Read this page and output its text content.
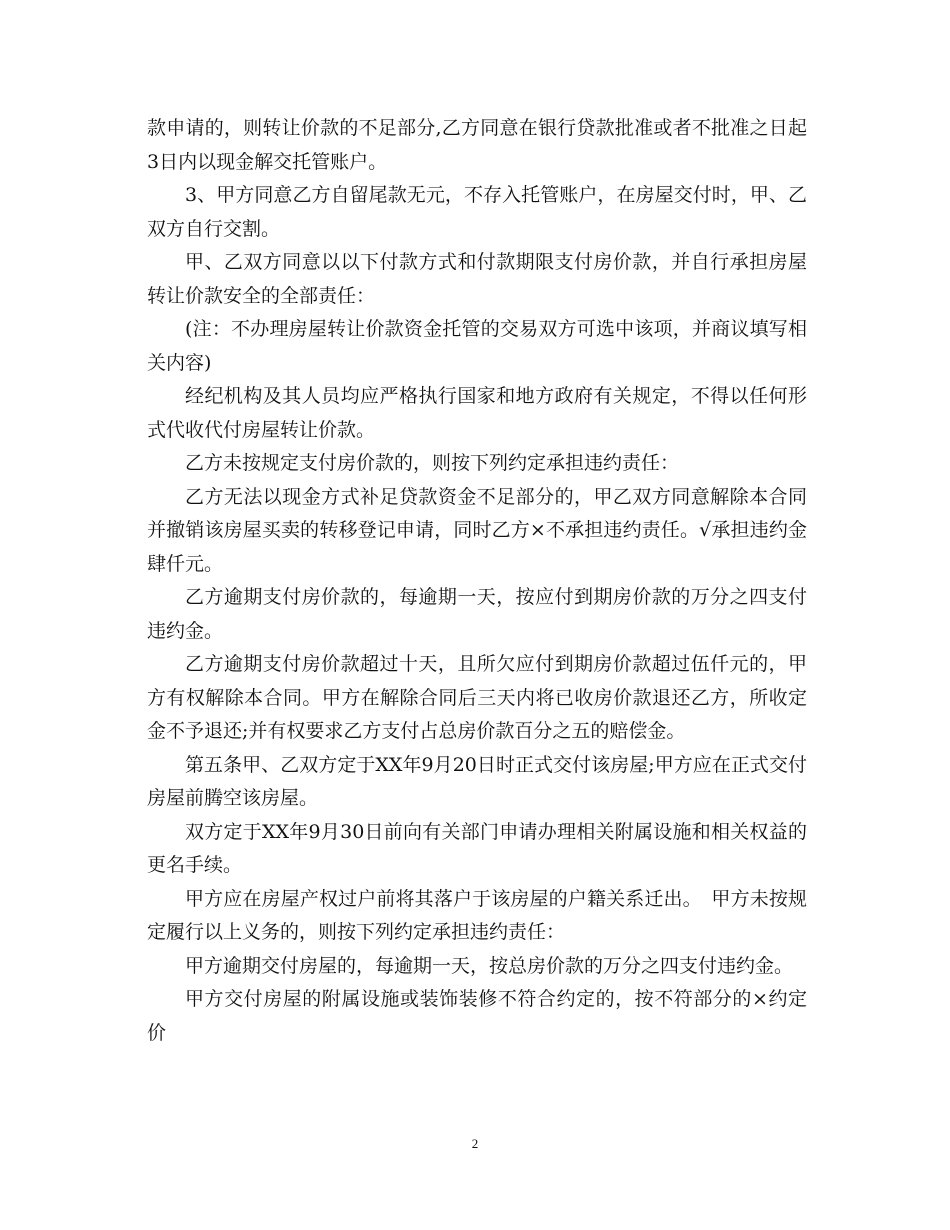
款申请的，则转让价款的不足部分,乙方同意在银行贷款批准或者不批准之日起3日内以现金解交托管账户。

3、甲方同意乙方自留尾款无元，不存入托管账户，在房屋交付时，甲、乙双方自行交割。

甲、乙双方同意以以下付款方式和付款期限支付房价款，并自行承担房屋转让价款安全的全部责任：

(注：不办理房屋转让价款资金托管的交易双方可选中该项，并商议填写相关内容)

经纪机构及其人员均应严格执行国家和地方政府有关规定，不得以任何形式代收代付房屋转让价款。

乙方未按规定支付房价款的，则按下列约定承担违约责任：

乙方无法以现金方式补足贷款资金不足部分的，甲乙双方同意解除本合同并撤销该房屋买卖的转移登记申请，同时乙方×不承担违约责任。√承担违约金肆仟元。

乙方逾期支付房价款的，每逾期一天，按应付到期房价款的万分之四支付违约金。

乙方逾期支付房价款超过十天，且所欠应付到期房价款超过伍仟元的，甲方有权解除本合同。甲方在解除合同后三天内将已收房价款退还乙方，所收定金不予退还;并有权要求乙方支付占总房价款百分之五的赔偿金。

第五条甲、乙双方定于XX年9月20日时正式交付该房屋;甲方应在正式交付房屋前腾空该房屋。

双方定于XX年9月30日前向有关部门申请办理相关附属设施和相关权益的更名手续。

甲方应在房屋产权过户前将其落户于该房屋的户籍关系迁出。　甲方未按规定履行以上义务的，则按下列约定承担违约责任：

甲方逾期交付房屋的，每逾期一天，按总房价款的万分之四支付违约金。

甲方交付房屋的附属设施或装饰装修不符合约定的，按不符部分的×约定价

2
